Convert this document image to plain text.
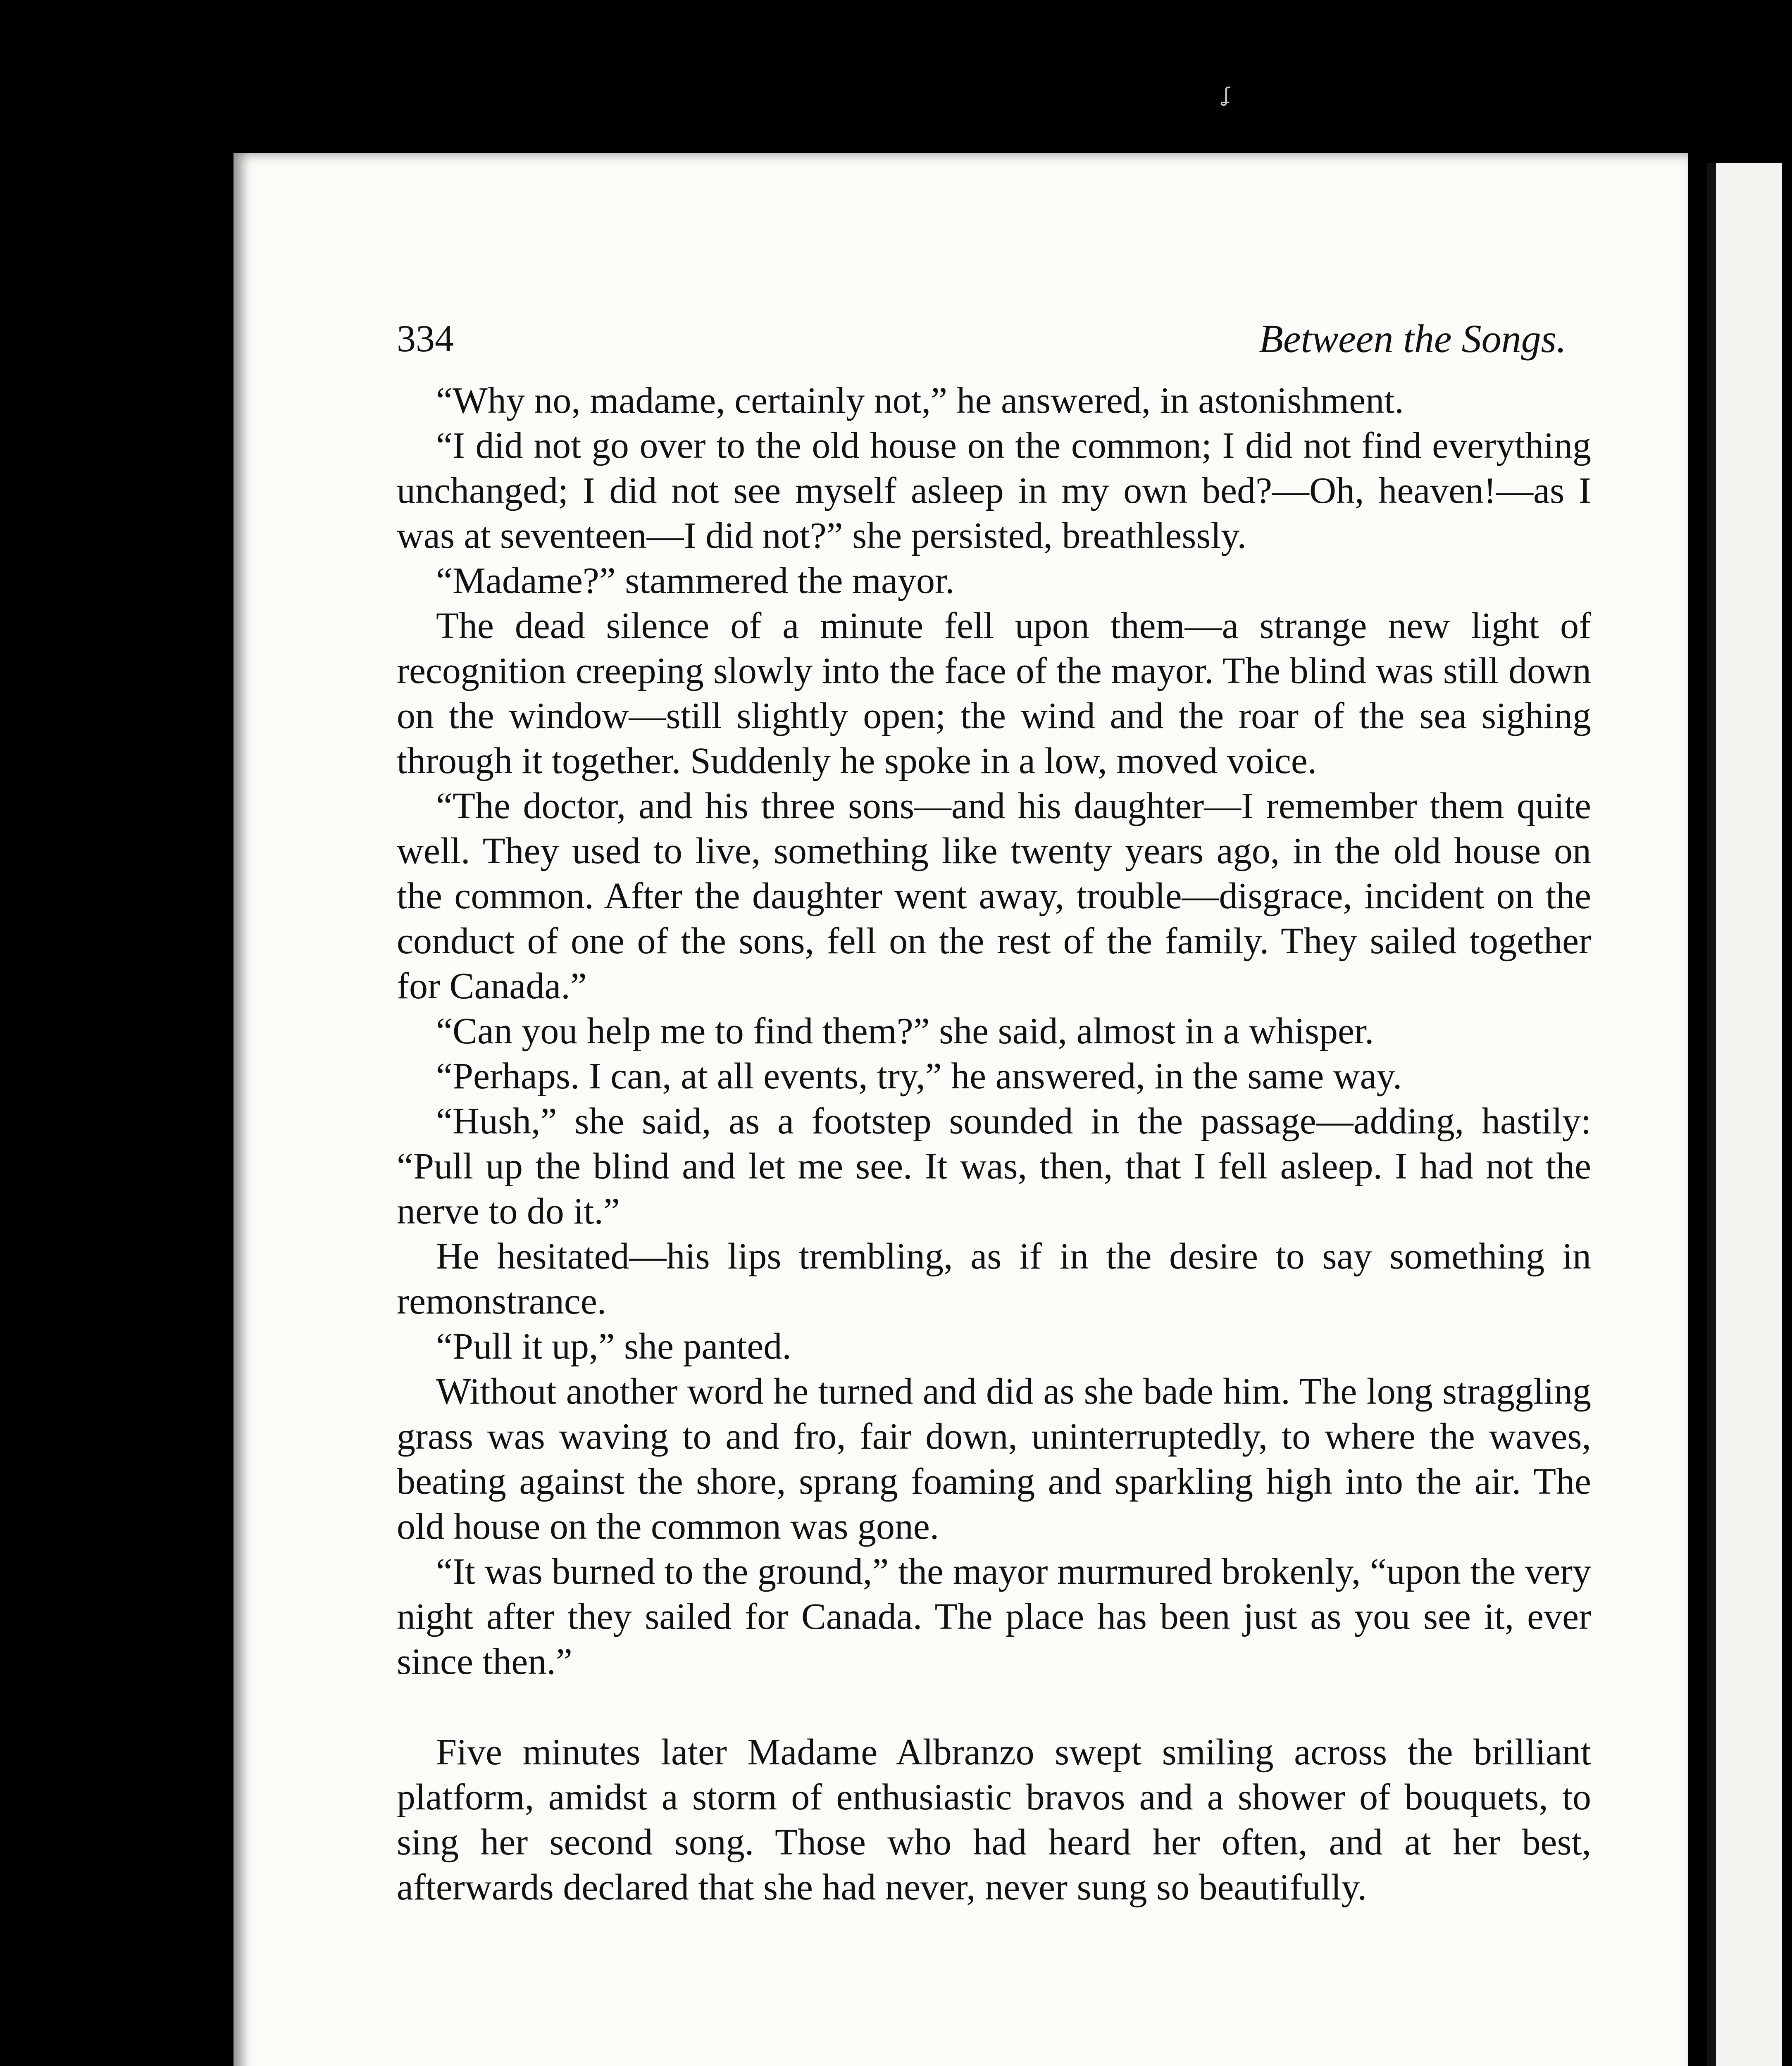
ʆ
334	Between the Songs.

“Why no, madame, certainly not,” he answered, in astonishment.

“I did not go over to the old house on the common; I did not find everything unchanged; I did not see myself asleep in my own bed?—Oh, heaven!—as I was at seventeen—I did not?” she persisted, breathlessly.

“Madame?” stammered the mayor.

The dead silence of a minute fell upon them—a strange new light of recognition creeping slowly into the face of the mayor. The blind was still down on the window—still slightly open; the wind and the roar of the sea sighing through it together. Suddenly he spoke in a low, moved voice.

“The doctor, and his three sons—and his daughter—I remember them quite well. They used to live, something like twenty years ago, in the old house on the common. After the daughter went away, trouble—disgrace, incident on the conduct of one of the sons, fell on the rest of the family. They sailed together for Canada.”

“Can you help me to find them?” she said, almost in a whisper.

“Perhaps. I can, at all events, try,” he answered, in the same way.

“Hush,” she said, as a footstep sounded in the passage—adding, hastily: “Pull up the blind and let me see. It was, then, that I fell asleep. I had not the nerve to do it.”

He hesitated—his lips trembling, as if in the desire to say something in remonstrance.

“Pull it up,” she panted.

Without another word he turned and did as she bade him. The long straggling grass was waving to and fro, fair down, uninterruptedly, to where the waves, beating against the shore, sprang foaming and sparkling high into the air. The old house on the common was gone.

“It was burned to the ground,” the mayor murmured brokenly, “upon the very night after they sailed for Canada. The place has been just as you see it, ever since then.”

Five minutes later Madame Albranzo swept smiling across the brilliant platform, amidst a storm of enthusiastic bravos and a shower of bouquets, to sing her second song. Those who had heard her often, and at her best, afterwards declared that she had never, never sung so beautifully.
